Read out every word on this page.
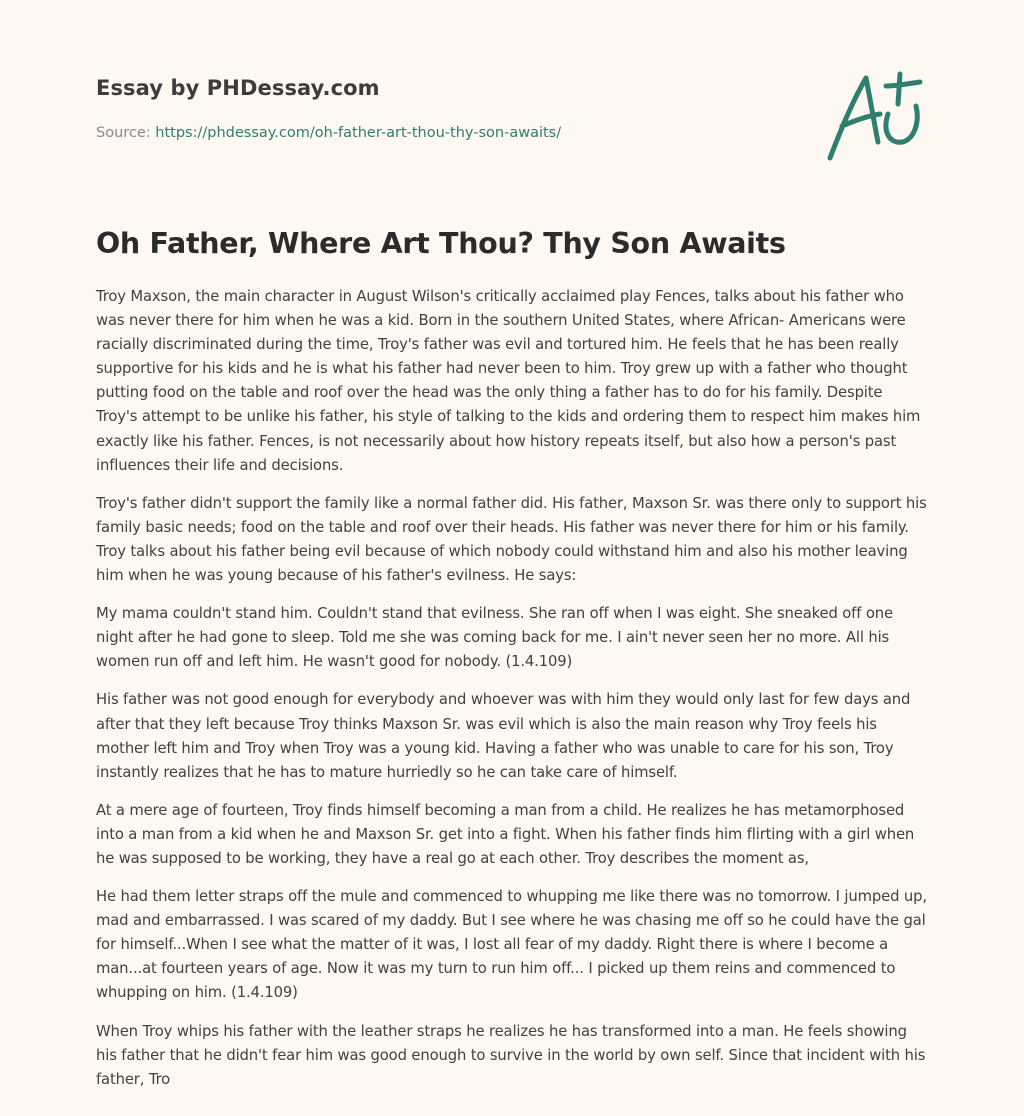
Essay by PHDessay.com
Source: https://phdessay.com/oh-father-art-thou-thy-son-awaits/
Oh Father, Where Art Thou? Thy Son Awaits

Troy Maxson, the main character in August Wilson's critically acclaimed play Fences, talks about his father who was never there for him when he was a kid. Born in the southern United States, where African- Americans were racially discriminated during the time, Troy's father was evil and tortured him. He feels that he has been really supportive for his kids and he is what his father had never been to him. Troy grew up with a father who thought putting food on the table and roof over the head was the only thing a father has to do for his family. Despite Troy's attempt to be unlike his father, his style of talking to the kids and ordering them to respect him makes him exactly like his father. Fences, is not necessarily about how history repeats itself, but also how a person's past influences their life and decisions.

Troy's father didn't support the family like a normal father did. His father, Maxson Sr. was there only to support his family basic needs; food on the table and roof over their heads. His father was never there for him or his family. Troy talks about his father being evil because of which nobody could withstand him and also his mother leaving him when he was young because of his father's evilness. He says:

My mama couldn't stand him. Couldn't stand that evilness. She ran off when I was eight. She sneaked off one night after he had gone to sleep. Told me she was coming back for me. I ain't never seen her no more. All his women run off and left him. He wasn't good for nobody. (1.4.109)

His father was not good enough for everybody and whoever was with him they would only last for few days and after that they left because Troy thinks Maxson Sr. was evil which is also the main reason why Troy feels his mother left him and Troy when Troy was a young kid. Having a father who was unable to care for his son, Troy instantly realizes that he has to mature hurriedly so he can take care of himself.

At a mere age of fourteen, Troy finds himself becoming a man from a child. He realizes he has metamorphosed into a man from a kid when he and Maxson Sr. get into a fight. When his father finds him flirting with a girl when he was supposed to be working, they have a real go at each other. Troy describes the moment as,

He had them letter straps off the mule and commenced to whupping me like there was no tomorrow. I jumped up, mad and embarrassed. I was scared of my daddy. But I see where he was chasing me off so he could have the gal for himself...When I see what the matter of it was, I lost all fear of my daddy. Right there is where I become a man...at fourteen years of age. Now it was my turn to run him off... I picked up them reins and commenced to whupping on him. (1.4.109)

When Troy whips his father with the leather straps he realizes he has transformed into a man. He feels showing his father that he didn't fear him was good enough to survive in the world by own self. Since that incident with his father, Tro
